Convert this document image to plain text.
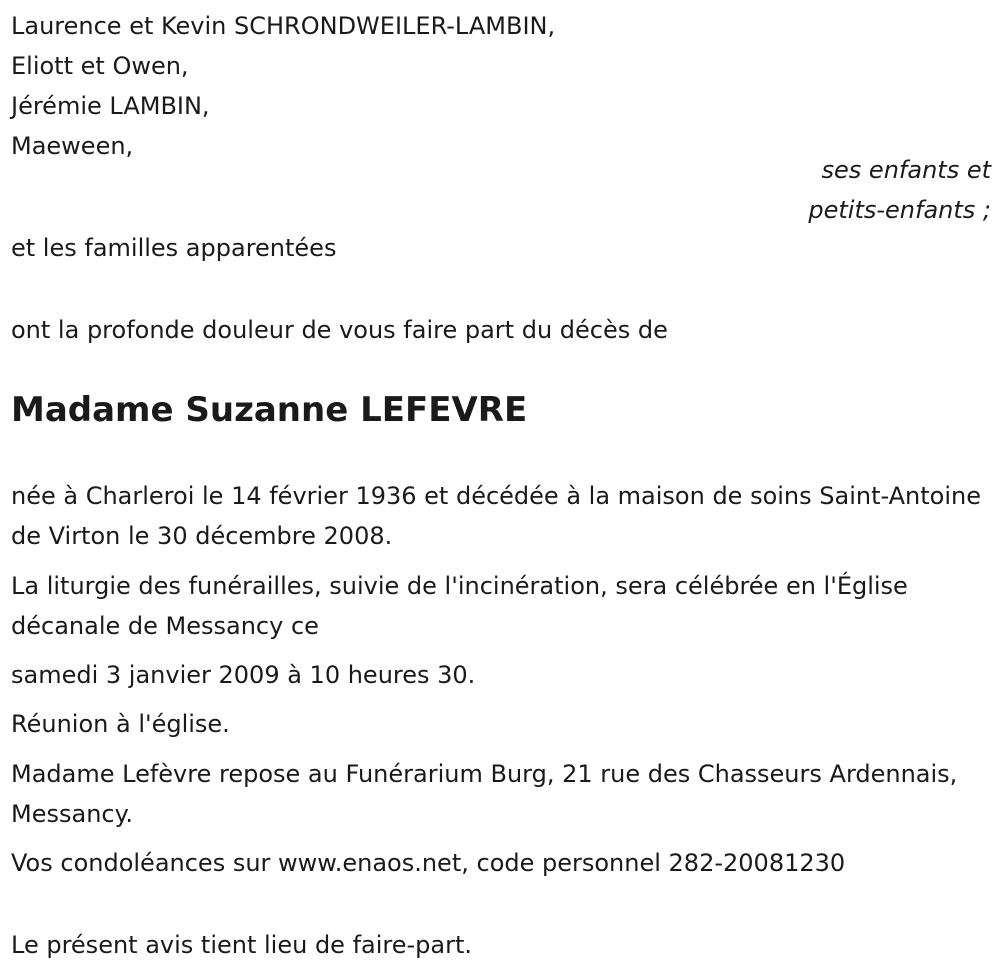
Laurence et Kevin SCHRONDWEILER-LAMBIN,

Eliott et Owen,

Jérémie LAMBIN,

Maeween,

ses enfants et

petits-enfants ;

et les familles apparentées

ont la profonde douleur de vous faire part du décès de

Madame Suzanne LEFEVRE

née à Charleroi le 14 février 1936 et décédée à la maison de soins Saint-Antoine de Virton le 30 décembre 2008.

La liturgie des funérailles, suivie de l'incinération, sera célébrée en l'Église décanale de Messancy ce

samedi 3 janvier 2009 à 10 heures 30.

Réunion à l'église.

Madame Lefèvre repose au Funérarium Burg, 21 rue des Chasseurs Ardennais, Messancy.

Vos condoléances sur www.enaos.net, code personnel 282-20081230

Le présent avis tient lieu de faire-part.
